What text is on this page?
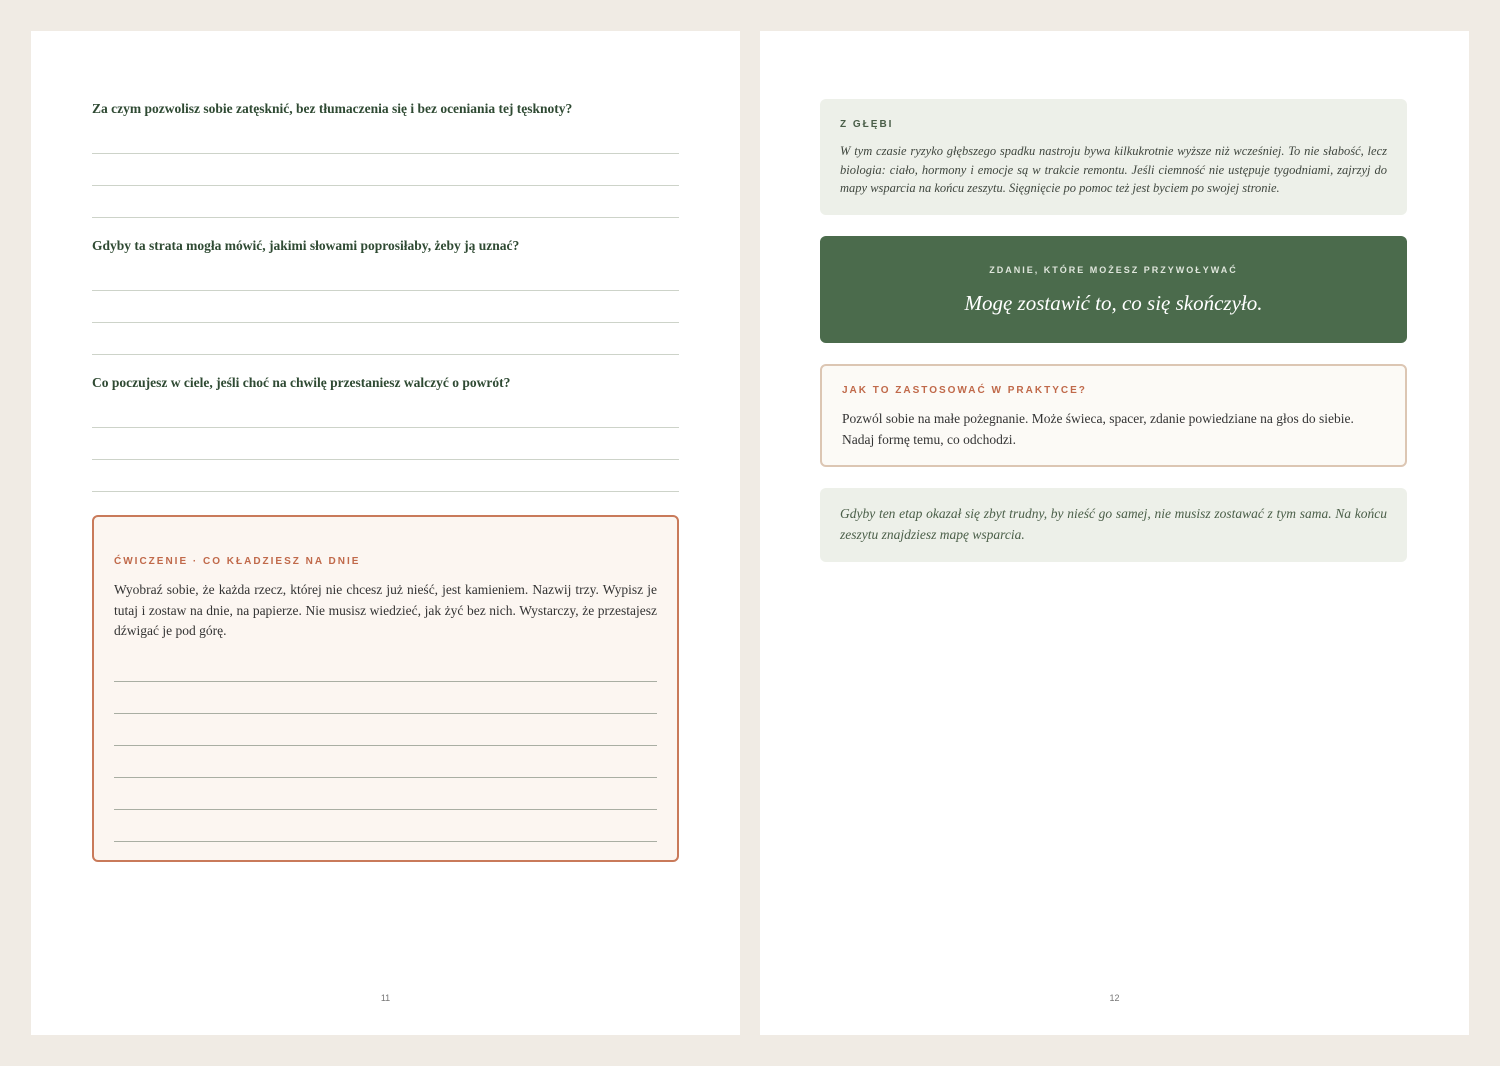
Za czym pozwolisz sobie zatęsknić, bez tłumaczenia się i bez oceniania tej tęsknoty?
Gdyby ta strata mogła mówić, jakimi słowami poprosiłaby, żeby ją uznać?
Co poczujesz w ciele, jeśli choć na chwilę przestaniesz walczyć o powrót?
ĆWICZENIE · CO KŁADZIESZ NA DNIE
Wyobraź sobie, że każda rzecz, której nie chcesz już nieść, jest kamieniem. Nazwij trzy. Wypisz je tutaj i zostaw na dnie, na papierze. Nie musisz wiedzieć, jak żyć bez nich. Wystarczy, że przestajesz dźwigać je pod górę.
11
Z GŁĘBI
W tym czasie ryzyko głębszego spadku nastroju bywa kilkukrotnie wyższe niż wcześniej. To nie słabość, lecz biologia: ciało, hormony i emocje są w trakcie remontu. Jeśli ciemność nie ustępuje tygodniami, zajrzyj do mapy wsparcia na końcu zeszytu. Sięgnięcie po pomoc też jest byciem po swojej stronie.
ZDANIE, KTÓRE MOŻESZ PRZYWOŁYWAĆ
Mogę zostawić to, co się skończyło.
JAK TO ZASTOSOWAĆ W PRAKTYCE?
Pozwól sobie na małe pożegnanie. Może świeca, spacer, zdanie powiedziane na głos do siebie. Nadaj formę temu, co odchodzi.
Gdyby ten etap okazał się zbyt trudny, by nieść go samej, nie musisz zostawać z tym sama. Na końcu zeszytu znajdziesz mapę wsparcia.
12
